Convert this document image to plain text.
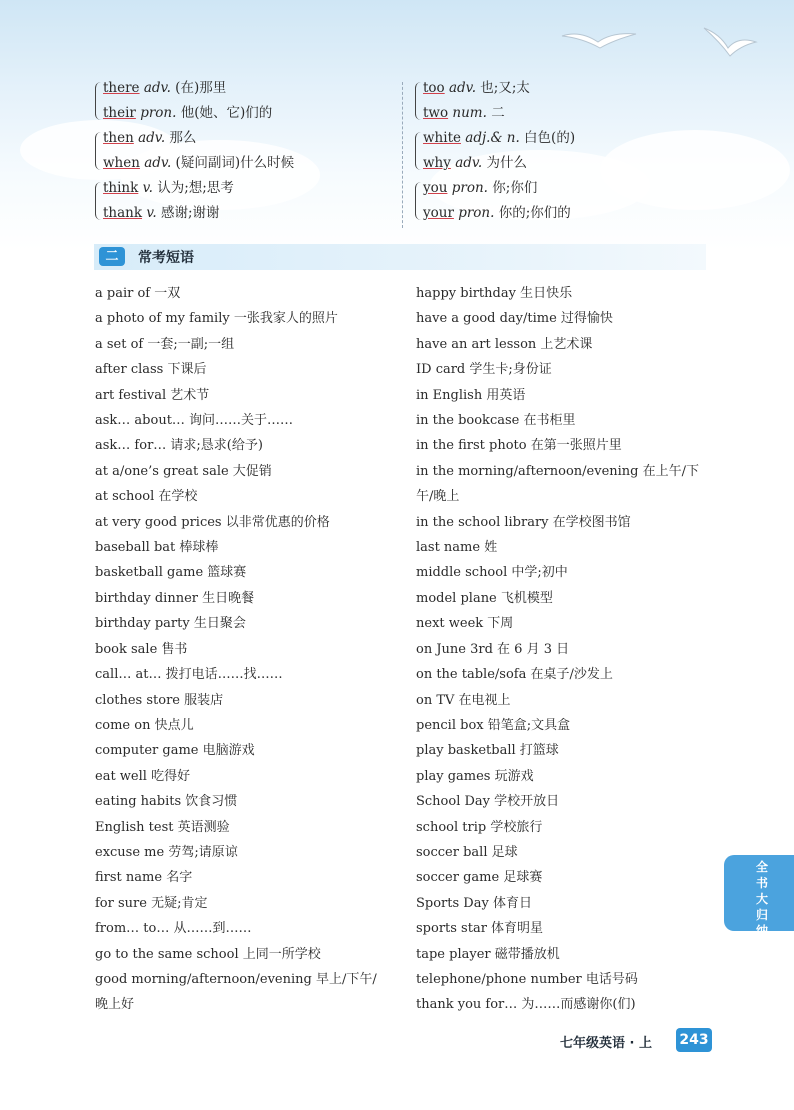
there adv. (在)那里
their pron. 他(她、它)们的
then adv. 那么
when adv. (疑问副词)什么时候
think v. 认为;想;思考
thank v. 感谢;谢谢
too adv. 也;又;太
two num. 二
white adj.& n. 白色(的)
why adv. 为什么
you pron. 你;你们
your pron. 你的;你们的
二	常考短语
a pair of 一双
a photo of my family 一张我家人的照片
a set of 一套;一副;一组
after class 下课后
art festival 艺术节
ask… about… 询问……关于……
ask… for… 请求;恳求(给予)
at a/one’s great sale 大促销
at school 在学校
at very good prices 以非常优惠的价格
baseball bat 棒球棒
basketball game 篮球赛
birthday dinner 生日晚餐
birthday party 生日聚会
book sale 售书
call… at… 拨打电话……找……
clothes store 服装店
come on 快点儿
computer game 电脑游戏
eat well 吃得好
eating habits 饮食习惯
English test 英语测验
excuse me 劳驾;请原谅
first name 名字
for sure 无疑;肯定
from… to… 从……到……
go to the same school 上同一所学校
good morning/afternoon/evening 早上/下午/
晚上好
happy birthday 生日快乐
have a good day/time 过得愉快
have an art lesson 上艺术课
ID card 学生卡;身份证
in English 用英语
in the bookcase 在书柜里
in the first photo 在第一张照片里
in the morning/afternoon/evening 在上午/下
午/晚上
in the school library 在学校图书馆
last name 姓
middle school 中学;初中
model plane 飞机模型
next week 下周
on June 3rd 在 6 月 3 日
on the table/sofa 在桌子/沙发上
on TV 在电视上
pencil box 铅笔盒;文具盒
play basketball 打篮球
play games 玩游戏
School Day 学校开放日
school trip 学校旅行
soccer ball 足球
soccer game 足球赛
Sports Day 体育日
sports star 体育明星
tape player 磁带播放机
telephone/phone number 电话号码
thank you for… 为……而感谢你(们)
全书大归纳
七年级英语 · 上 243
